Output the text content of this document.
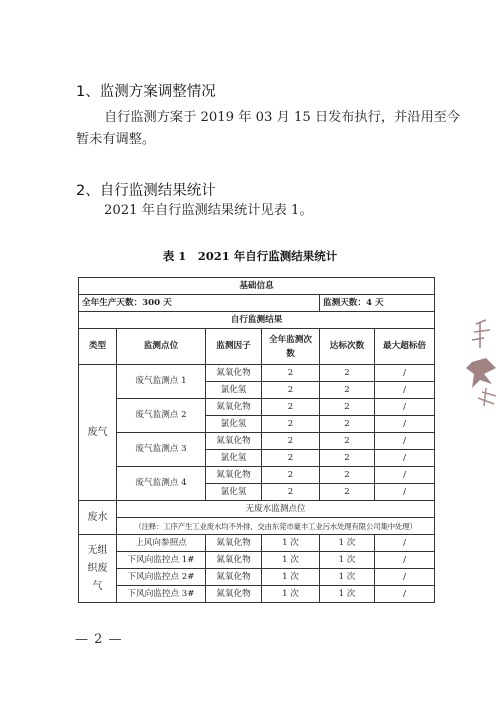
1、监测方案调整情况
自行监测方案于 2019 年 03 月 15 日发布执行，并沿用至今
暂未有调整。
2、自行监测结果统计
2021 年自行监测结果统计见表 1。
表 1　2021 年自行监测结果统计
基础信息					
全年生产天数：300 天				监测天数：4 天	
自行监测结果					
类型	监测点位	监测因子	全年监测次数	达标次数	最大超标倍
废气	废气监测点 1	氮氧化物	2	2	/
		氯化氢	2	2	/
	废气监测点 2	氮氧化物	2	2	/
		氯化氢	2	2	/
	废气监测点 3	氮氧化物	2	2	/
		氯化氢	2	2	/
	废气监测点 4	氮氧化物	2	2	/
		氯化氢	2	2	/
废水	无废水监测点位				
	（注释：工序产生工业废水均不外排，交由东莞市豪丰工业污水处理有限公司集中处理）				
无组织废气	上风向参照点	氮氧化物	1 次	1 次	/
	下风向监控点 1#	氮氧化物	1 次	1 次	/
	下风向监控点 2#	氮氧化物	1 次	1 次	/
	下风向监控点 3#	氮氧化物	1 次	1 次	/
— 2 —
